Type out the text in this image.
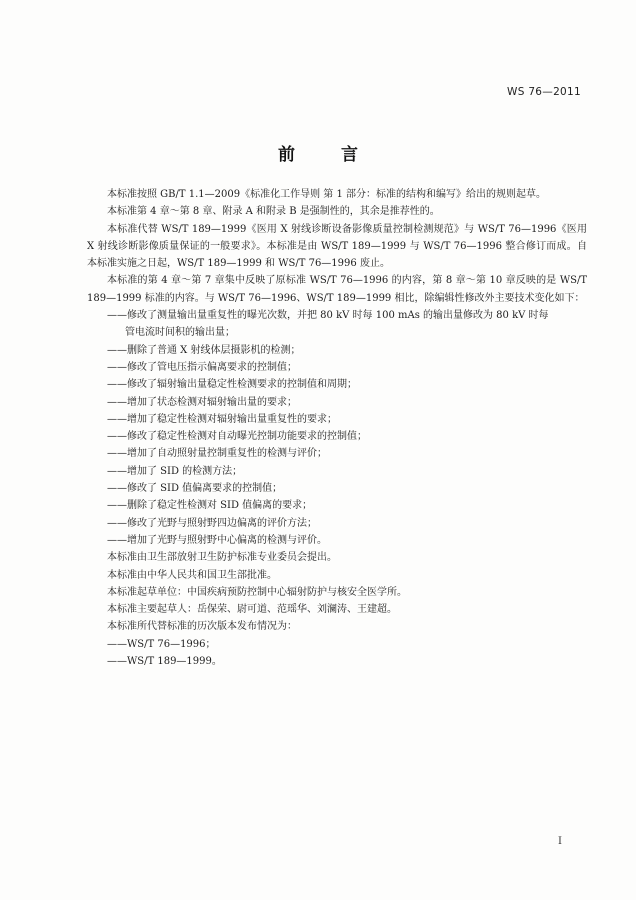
WS 76—2011
前 言

本标准按照 GB/T 1.1—2009《标准化工作导则 第 1 部分：标准的结构和编写》给出的规则起草。

本标准第 4 章～第 8 章、附录 A 和附录 B 是强制性的，其余是推荐性的。

本标准代替 WS/T 189—1999《医用 X 射线诊断设备影像质量控制检测规范》与 WS/T 76—1996《医用 X 射线诊断影像质量保证的一般要求》。本标准是由 WS/T 189—1999 与 WS/T 76—1996 整合修订而成。自本标准实施之日起，WS/T 189—1999 和 WS/T 76—1996 废止。

本标准的第 4 章～第 7 章集中反映了原标准 WS/T 76—1996 的内容，第 8 章～第 10 章反映的是 WS/T 189—1999 标准的内容。与 WS/T 76—1996、WS/T 189—1999 相比，除编辑性修改外主要技术变化如下：

——修改了测量输出量重复性的曝光次数，并把 80 kV 时每 100 mAs 的输出量修改为 80 kV 时每

管电流时间积的输出量；

——删除了普通 X 射线体层摄影机的检测；

——修改了管电压指示偏离要求的控制值；

——修改了辐射输出量稳定性检测要求的控制值和周期；

——增加了状态检测对辐射输出量的要求；

——增加了稳定性检测对辐射输出量重复性的要求；

——修改了稳定性检测对自动曝光控制功能要求的控制值；

——增加了自动照射量控制重复性的检测与评价；

——增加了 SID 的检测方法；

——修改了 SID 值偏离要求的控制值；

——删除了稳定性检测对 SID 值偏离的要求；

——修改了光野与照射野四边偏离的评价方法；

——增加了光野与照射野中心偏离的检测与评价。

本标准由卫生部放射卫生防护标准专业委员会提出。

本标准由中华人民共和国卫生部批准。

本标准起草单位：中国疾病预防控制中心辐射防护与核安全医学所。

本标准主要起草人：岳保荣、尉可道、范瑶华、刘澜涛、王建超。

本标准所代替标准的历次版本发布情况为：

——WS/T 76—1996；

——WS/T 189—1999。

I
